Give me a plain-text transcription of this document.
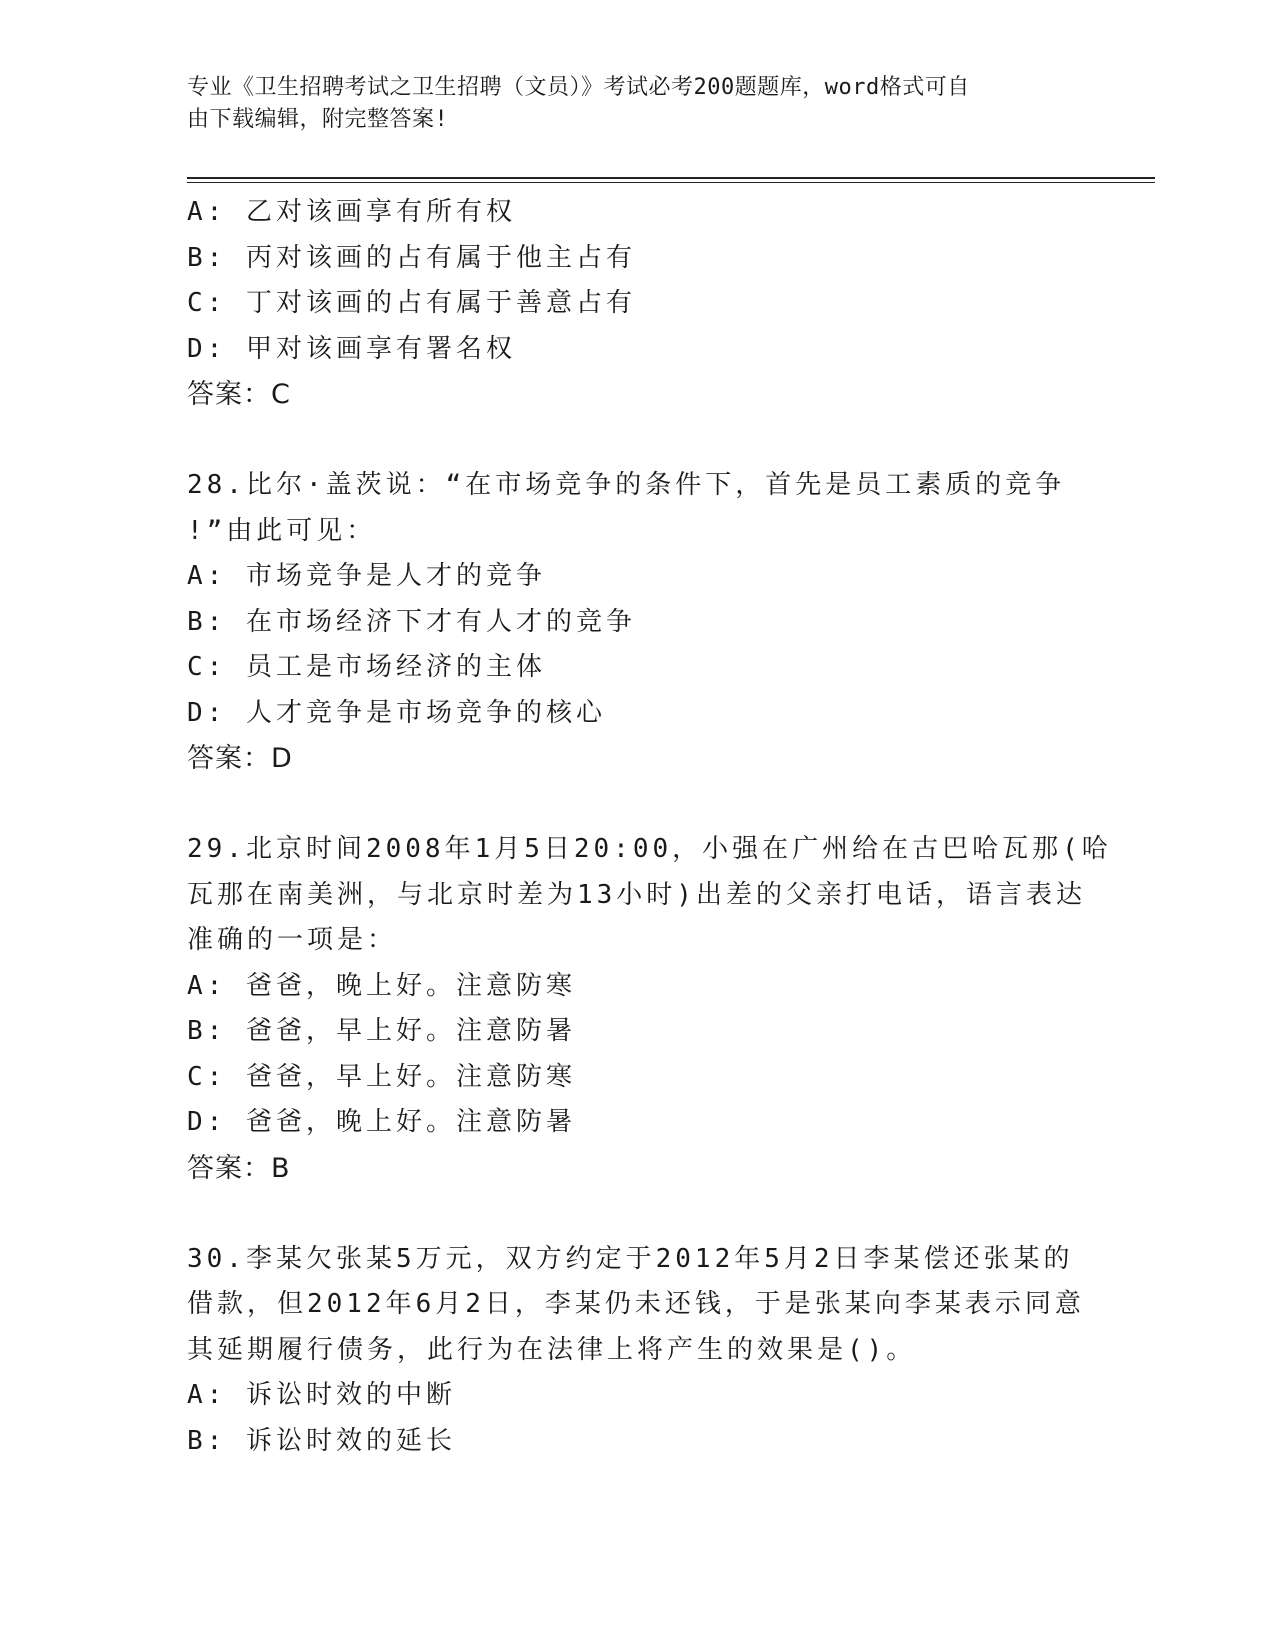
专业《卫生招聘考试之卫生招聘（文员）》考试必考200题题库，word格式可自
由下载编辑，附完整答案!
A: 乙对该画享有所有权
B: 丙对该画的占有属于他主占有
C: 丁对该画的占有属于善意占有
D: 甲对该画享有署名权
答案：C
28.比尔·盖茨说：“在市场竞争的条件下，首先是员工素质的竞争
!”由此可见：
A: 市场竞争是人才的竞争
B: 在市场经济下才有人才的竞争
C: 员工是市场经济的主体
D: 人才竞争是市场竞争的核心
答案：D
29.北京时间2008年1月5日20:00，小强在广州给在古巴哈瓦那(哈
瓦那在南美洲，与北京时差为13小时)出差的父亲打电话，语言表达
准确的一项是：
A: 爸爸，晚上好。注意防寒
B: 爸爸，早上好。注意防暑
C: 爸爸，早上好。注意防寒
D: 爸爸，晚上好。注意防暑
答案：B
30.李某欠张某5万元，双方约定于2012年5月2日李某偿还张某的
借款，但2012年6月2日，李某仍未还钱，于是张某向李某表示同意
其延期履行债务，此行为在法律上将产生的效果是()。
A: 诉讼时效的中断
B: 诉讼时效的延长
